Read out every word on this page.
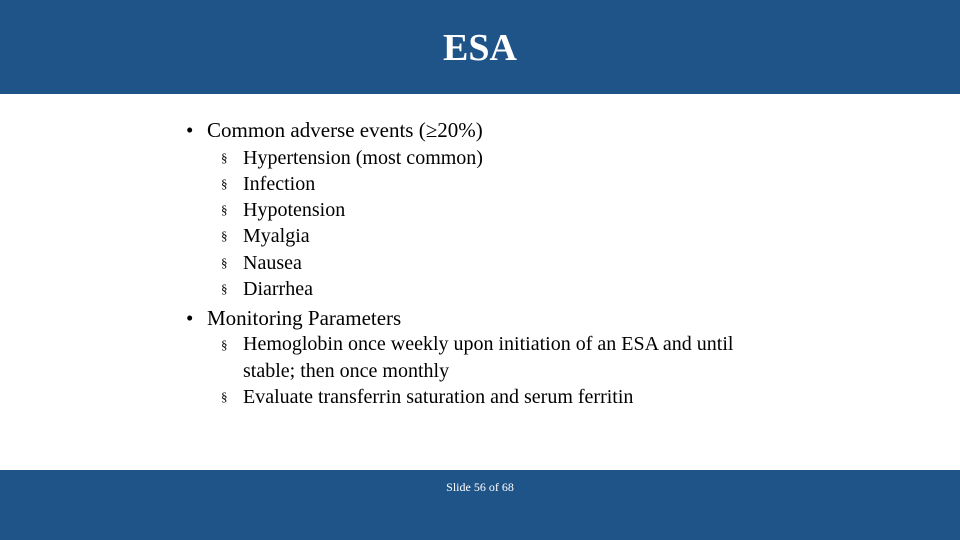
ESA
• Common adverse events (≥20%)
§ Hypertension (most common)
§ Infection
§ Hypotension
§ Myalgia
§ Nausea
§ Diarrhea
• Monitoring Parameters
§ Hemoglobin once weekly upon initiation of an ESA and until stable; then once monthly
§ Evaluate transferrin saturation and serum ferritin
Slide 56 of 68
